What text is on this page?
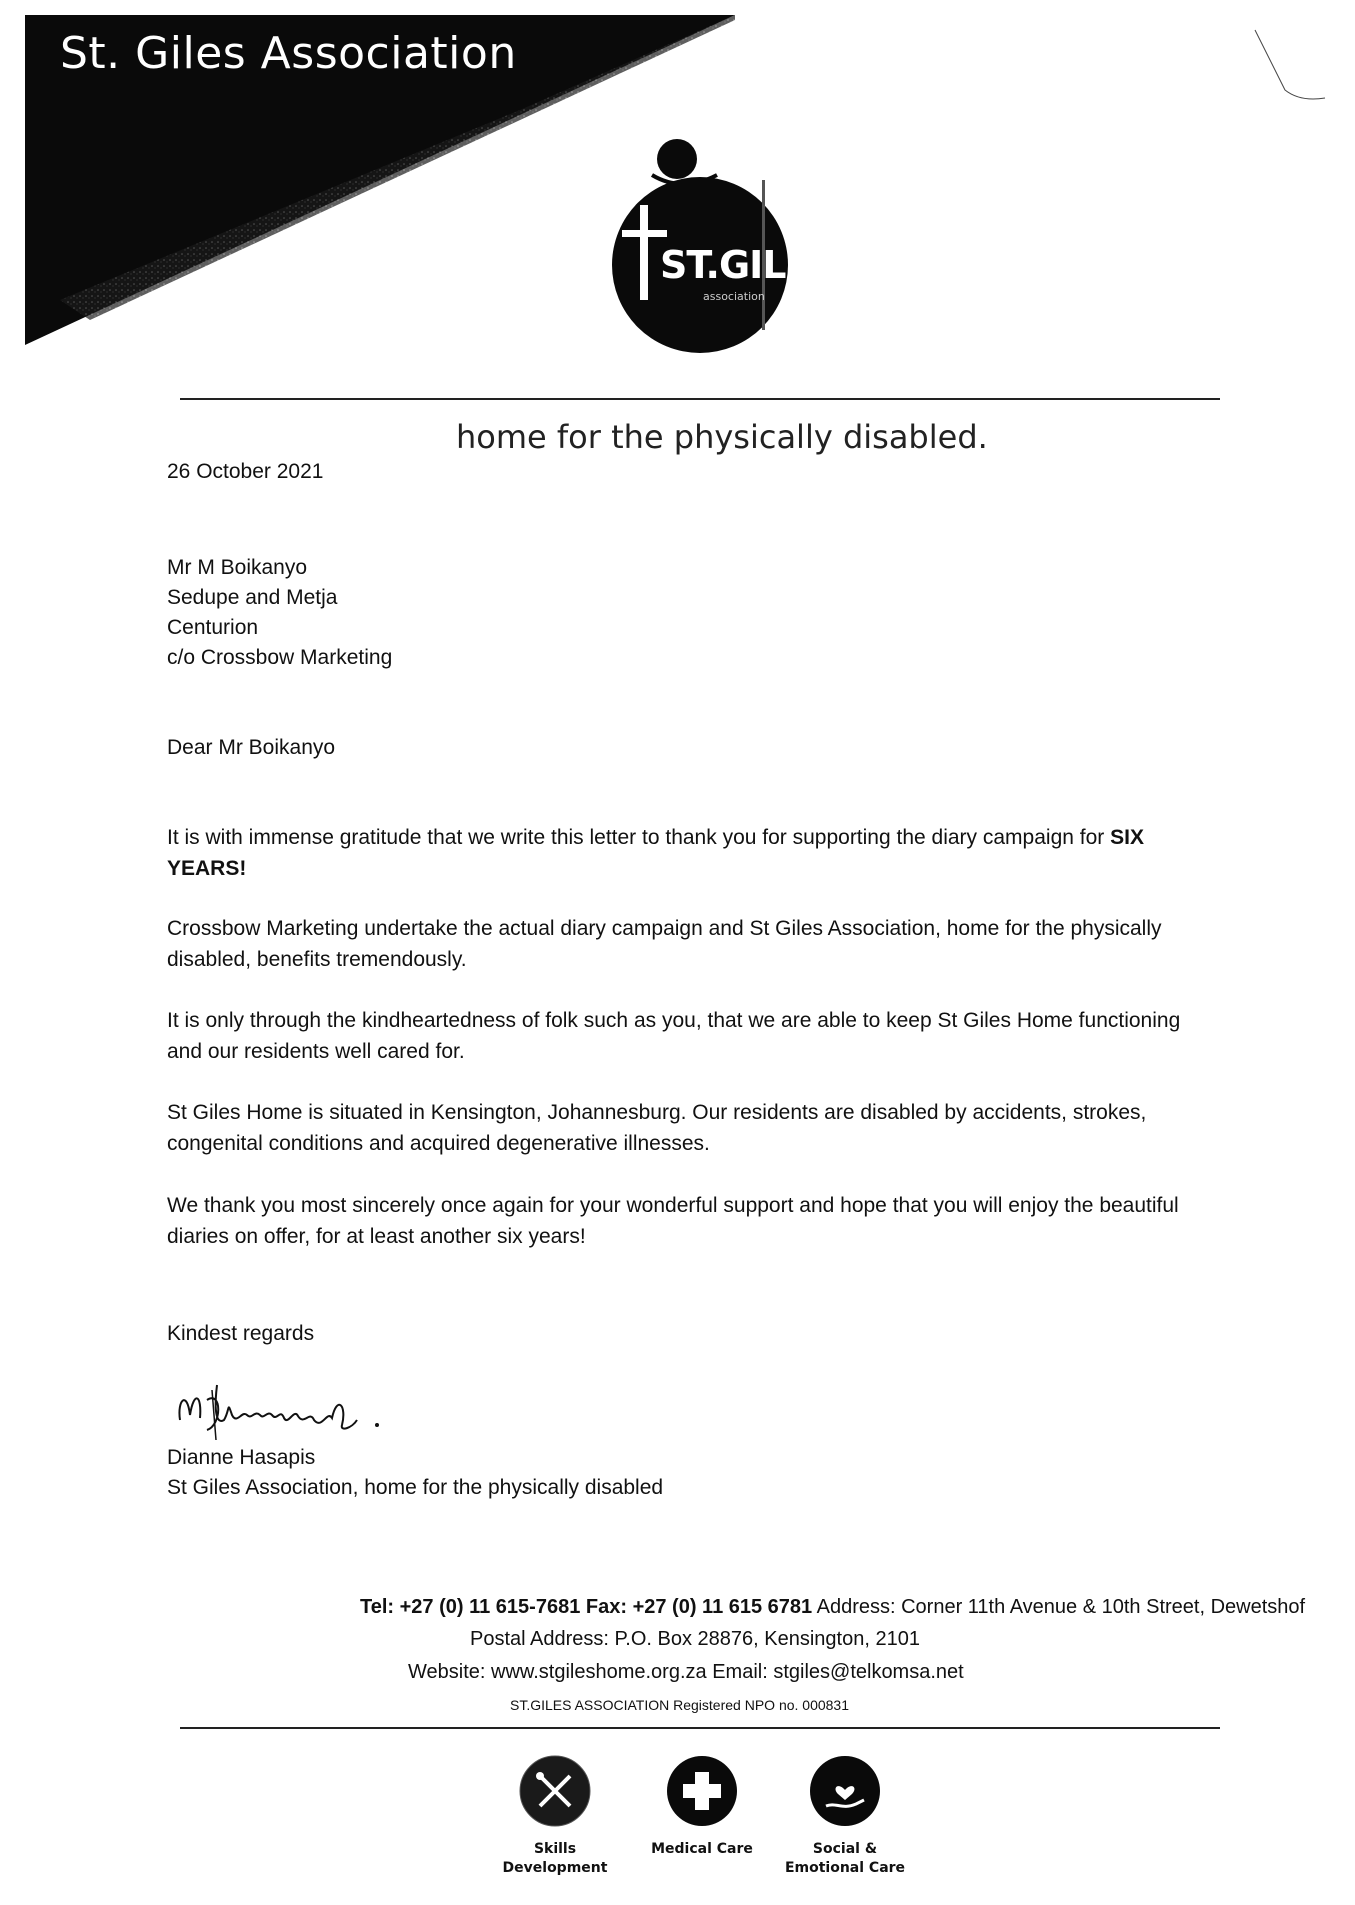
St. Giles Association
ST.GILES
association
home for the physically disabled.
26 October 2021
Mr M Boikanyo
Sedupe and Metja
Centurion
c/o Crossbow Marketing
Dear Mr Boikanyo
It is with immense gratitude that we write this letter to thank you for supporting the diary campaign for SIX YEARS!
Crossbow Marketing undertake the actual diary campaign and St Giles Association, home for the physically disabled, benefits tremendously.
It is only through the kindheartedness of folk such as you, that we are able to keep St Giles Home functioning and our residents well cared for.
St Giles Home is situated in Kensington, Johannesburg. Our residents are disabled by accidents, strokes, congenital conditions and acquired degenerative illnesses.
We thank you most sincerely once again for your wonderful support and hope that you will enjoy the beautiful diaries on offer, for at least another six years!
Kindest regards
Dianne Hasapis
St Giles Association, home for the physically disabled
Tel: +27 (0) 11 615-7681 Fax: +27 (0) 11 615 6781 Address: Corner 11th Avenue & 10th Street, Dewetshof
Postal Address: P.O. Box 28876, Kensington, 2101
Website: www.stgileshome.org.za Email: stgiles@telkomsa.net
ST.GILES ASSOCIATION Registered NPO no. 000831
Skills Development
Medical Care	Social & Emotional Care
